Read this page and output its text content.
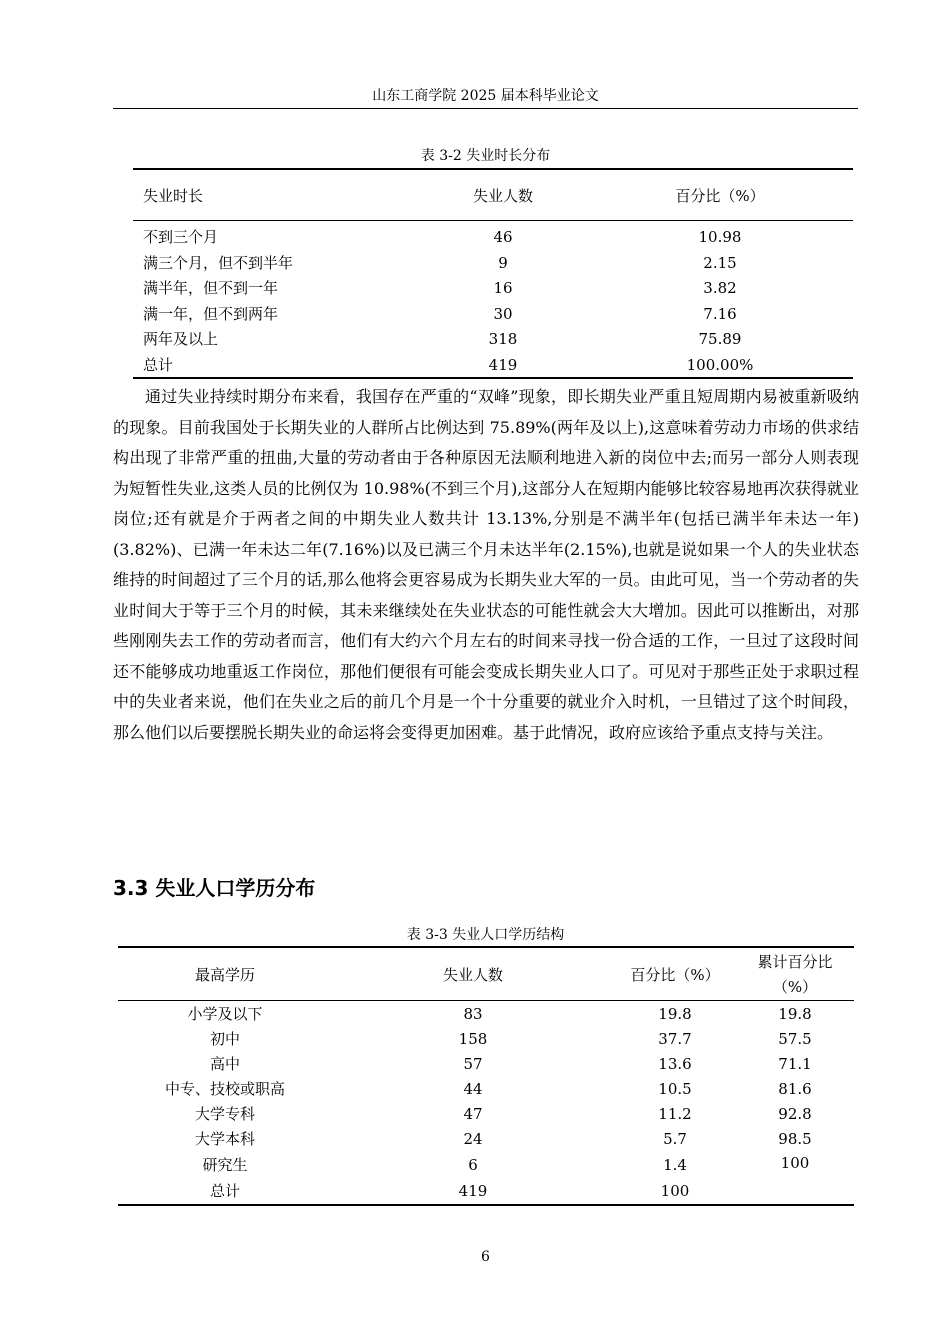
山东工商学院 2025 届本科毕业论文
表 3-2 失业时长分布
失业时长	失业人数	百分比（%）
不到三个月	46	10.98
满三个月，但不到半年	9	2.15
满半年，但不到一年	16	3.82
满一年，但不到两年	30	7.16
两年及以上	318	75.89
总计	419	100.00%

通过失业持续时期分布来看，我国存在严重的“双峰”现象，即长期失业严重且短周期内易被重新吸纳的现象。目前我国处于长期失业的人群所占比例达到 75.89%(两年及以上),这意味着劳动力市场的供求结构出现了非常严重的扭曲,大量的劳动者由于各种原因无法顺利地进入新的岗位中去;而另一部分人则表现为短暂性失业,这类人员的比例仅为 10.98%(不到三个月),这部分人在短期内能够比较容易地再次获得就业岗位;还有就是介于两者之间的中期失业人数共计 13.13%,分别是不满半年(包括已满半年未达一年)(3.82%)、已满一年未达二年(7.16%)以及已满三个月未达半年(2.15%),也就是说如果一个人的失业状态维持的时间超过了三个月的话,那么他将会更容易成为长期失业大军的一员。由此可见，当一个劳动者的失业时间大于等于三个月的时候，其未来继续处在失业状态的可能性就会大大增加。因此可以推断出，对那些刚刚失去工作的劳动者而言，他们有大约六个月左右的时间来寻找一份合适的工作，一旦过了这段时间还不能够成功地重返工作岗位，那他们便很有可能会变成长期失业人口了。可见对于那些正处于求职过程中的失业者来说，他们在失业之后的前几个月是一个十分重要的就业介入时机，一旦错过了这个时间段，那么他们以后要摆脱长期失业的命运将会变得更加困难。基于此情况，政府应该给予重点支持与关注。

3.3 失业人口学历分布
表 3-3 失业人口学历结构
最高学历	失业人数	百分比（%）
累计百分比
（%）
小学及以下	83	19.8	19.8
初中	158	37.7	57.5
高中	57	13.6	71.1
中专、技校或职高	44	10.5	81.6
大学专科	47	11.2	92.8
大学本科	24	5.7	98.5
研究生	6	1.4	100
总计	419	100
6
